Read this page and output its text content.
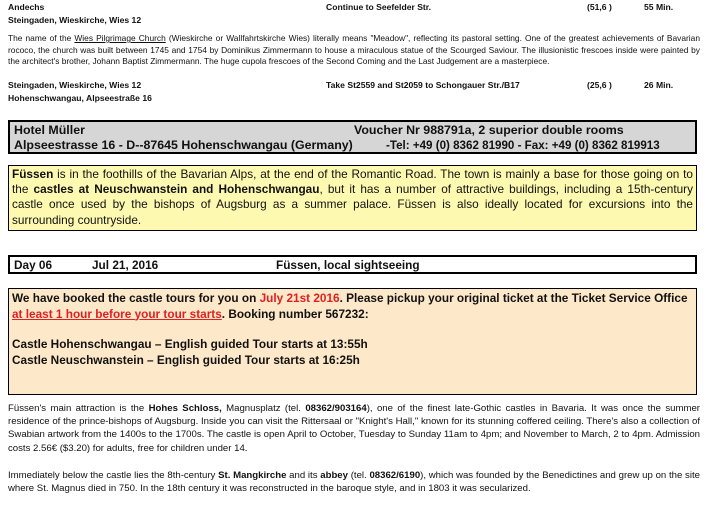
Andechs	Continue to Seefelder Str.	(51,6 )	55 Min.
Steingaden, Wieskirche, Wies 12
The name of the Wies Pilgrimage Church (Wieskirche or Wallfahrtskirche Wies) literally means "Meadow", reflecting its pastoral setting. One of the greatest achievements of Bavarian rococo, the church was built between 1745 and 1754 by Dominikus Zimmermann to house a miraculous statue of the Scourged Saviour. The illusionistic frescoes inside were painted by the architect's brother, Johann Baptist Zimmermann. The huge cupola frescoes of the Second Coming and the Last Judgement are a masterpiece.
Steingaden, Wieskirche, Wies 12	Take St2559 and St2059 to Schongauer Str./B17	(25,6 )	26 Min.
Hohenschwangau, Alpseestraße 16
Hotel Müller	Voucher Nr 988791a, 2 superior double rooms
Alpseestrasse 16 - D--87645 Hohenschwangau (Germany)	-Tel: +49 (0) 8362 81990 - Fax: +49 (0) 8362 819913
Füssen is in the foothills of the Bavarian Alps, at the end of the Romantic Road. The town is mainly a base for those going on to the castles at Neuschwanstein and Hohenschwangau, but it has a number of attractive buildings, including a 15th-century castle once used by the bishops of Augsburg as a summer palace. Füssen is also ideally located for excursions into the surrounding countryside.
Day 06	Jul 21, 2016	Füssen, local sightseeing
We have booked the castle tours for you on July 21st 2016. Please pickup your original ticket at the Ticket Service Office at least 1 hour before your tour starts. Booking number 567232:
Castle Hohenschwangau – English guided Tour starts at 13:55h
Castle Neuschwanstein – English guided Tour starts at 16:25h
Füssen's main attraction is the Hohes Schloss, Magnusplatz (tel. 08362/903164), one of the finest late-Gothic castles in Bavaria. It was once the summer residence of the prince-bishops of Augsburg. Inside you can visit the Rittersaal or "Knight's Hall," known for its stunning coffered ceiling. There's also a collection of Swabian artwork from the 1400s to the 1700s. The castle is open April to October, Tuesday to Sunday 11am to 4pm; and November to March, 2 to 4pm. Admission costs 2.56€ ($3.20) for adults, free for children under 14.
Immediately below the castle lies the 8th-century St. Mangkirche and its abbey (tel. 08362/6190), which was founded by the Benedictines and grew up on the site where St. Magnus died in 750. In the 18th century it was reconstructed in the baroque style, and in 1803 it was secularized.
